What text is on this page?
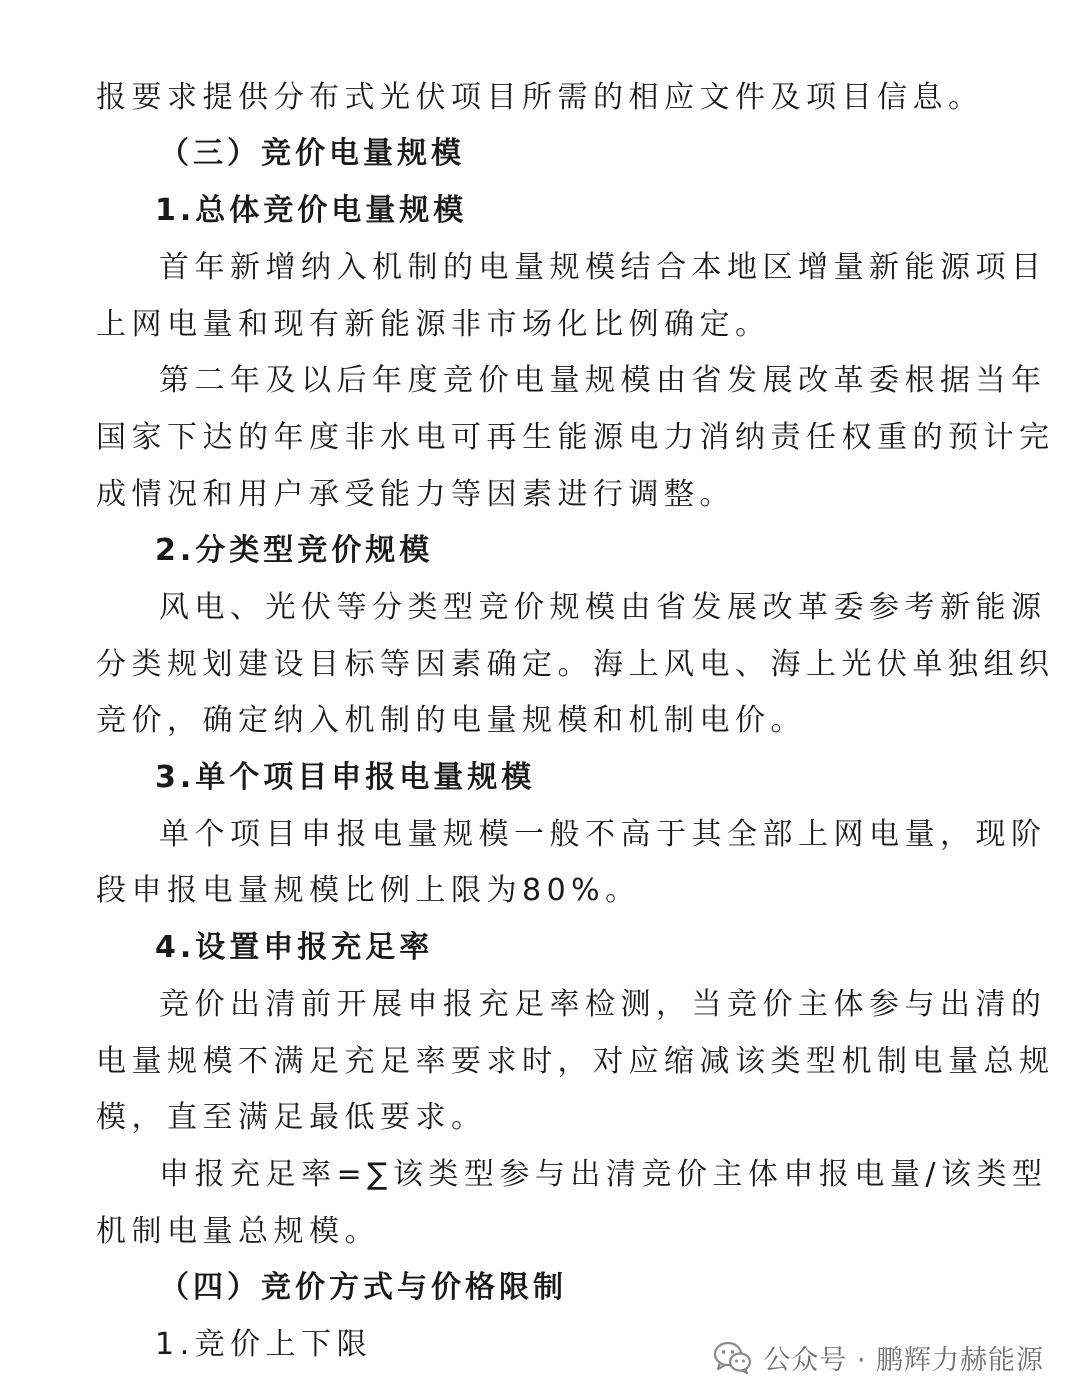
报要求提供分布式光伏项目所需的相应文件及项目信息。
（三）竞价电量规模
1.总体竞价电量规模
首年新增纳入机制的电量规模结合本地区增量新能源项目
上网电量和现有新能源非市场化比例确定。
第二年及以后年度竞价电量规模由省发展改革委根据当年
国家下达的年度非水电可再生能源电力消纳责任权重的预计完
成情况和用户承受能力等因素进行调整。
2.分类型竞价规模
风电、光伏等分类型竞价规模由省发展改革委参考新能源
分类规划建设目标等因素确定。海上风电、海上光伏单独组织
竞价，确定纳入机制的电量规模和机制电价。
3.单个项目申报电量规模
单个项目申报电量规模一般不高于其全部上网电量，现阶
段申报电量规模比例上限为80%。
4.设置申报充足率
竞价出清前开展申报充足率检测，当竞价主体参与出清的
电量规模不满足充足率要求时，对应缩减该类型机制电量总规
模，直至满足最低要求。
申报充足率=∑该类型参与出清竞价主体申报电量/该类型
机制电量总规模。
（四）竞价方式与价格限制
1.竞价上下限	公众号 · 鹏辉力赫能源
